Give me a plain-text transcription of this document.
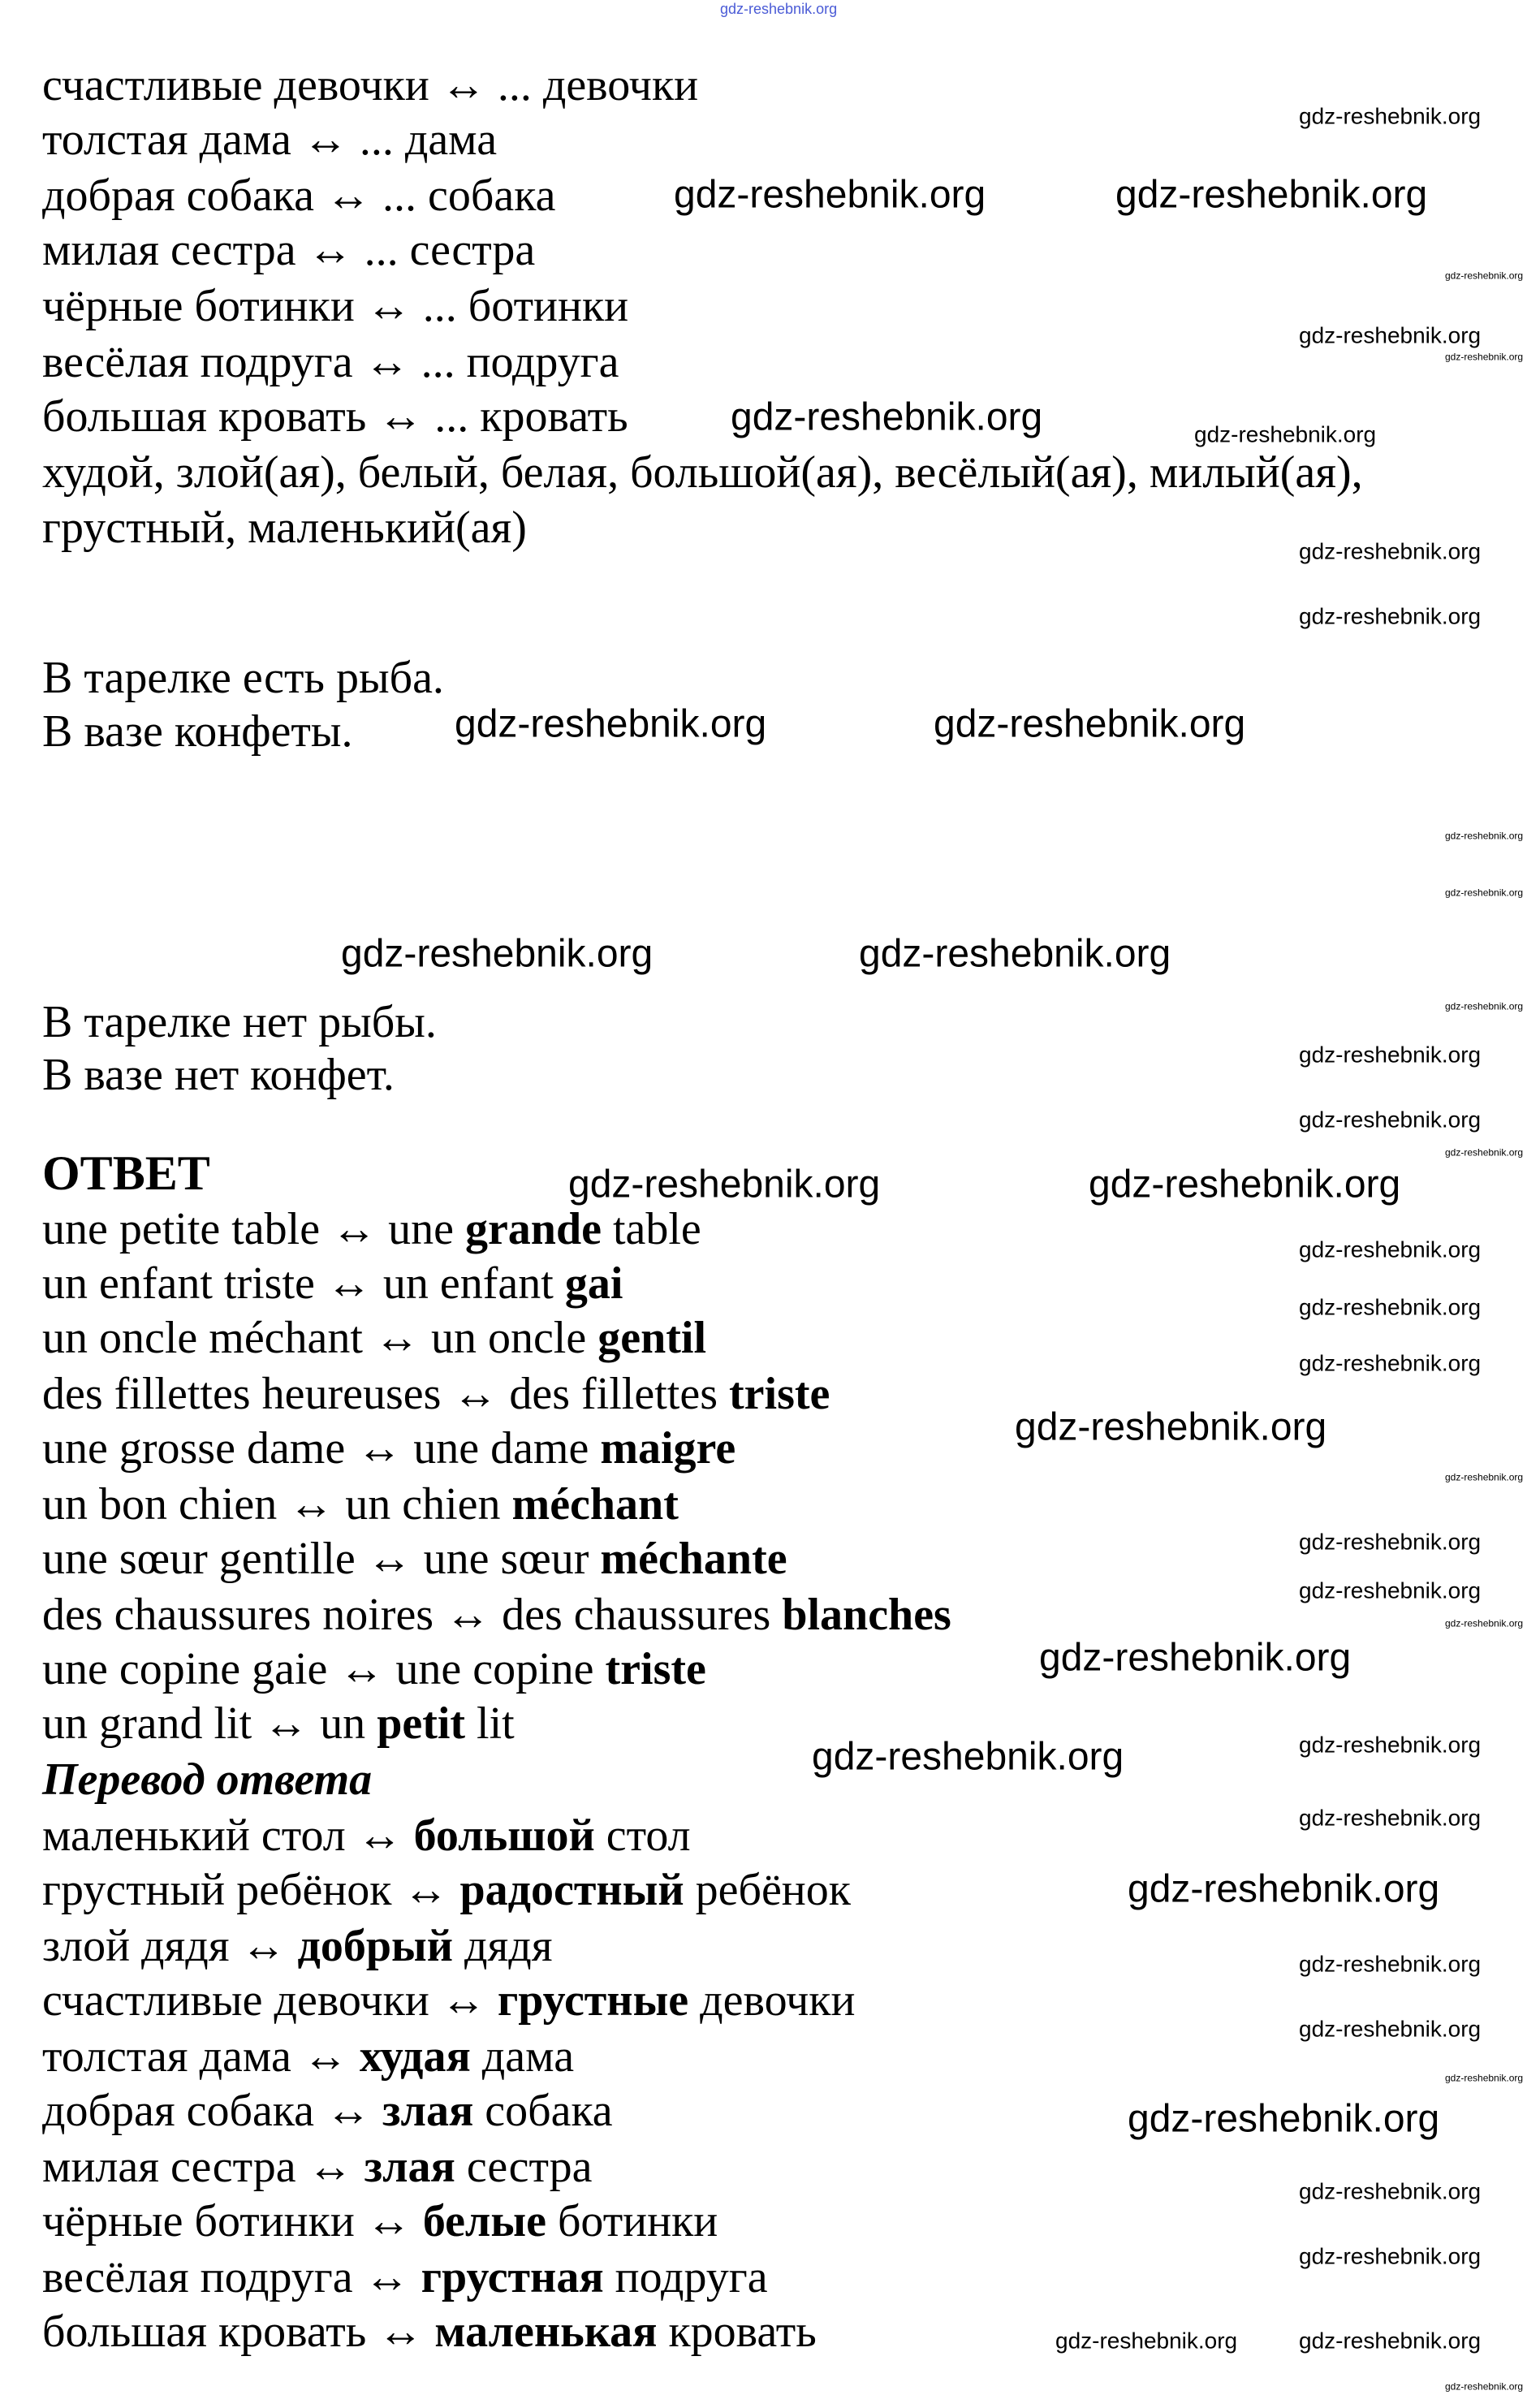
счастливые девочки ↔ ... девочки
толстая дама ↔ ... дама
добрая собака ↔ ... собака
милая сестра ↔ ... сестра
чёрные ботинки ↔ ... ботинки
весёлая подруга ↔ ... подруга
большая кровать ↔ ... кровать
худой, злой(ая), белый, белая, большой(ая), весёлый(ая), милый(ая),
грустный, маленький(ая)
В тарелке есть рыба.
В вазе конфеты.
В тарелке нет рыбы.
В вазе нет конфет.
ОТВЕТ
une petite table ↔ une grande table
un enfant triste ↔ un enfant gai
un oncle méchant ↔ un oncle gentil
des fillettes heureuses ↔ des fillettes triste
une grosse dame ↔ une dame maigre
un bon chien ↔ un chien méchant
une sœur gentille ↔ une sœur méchante
des chaussures noires ↔ des chaussures blanches
une copine gaie ↔ une copine triste
un grand lit ↔ un petit lit
Перевод ответа
маленький стол ↔ большой стол
грустный ребёнок ↔ радостный ребёнок
злой дядя ↔ добрый дядя
счастливые девочки ↔ грустные девочки
толстая дама ↔ худая дама
добрая собака ↔ злая собака
милая сестра ↔ злая сестра
чёрные ботинки ↔ белые ботинки
весёлая подруга ↔ грустная подруга
большая кровать ↔ маленькая кровать
gdz-reshebnik.org
gdz-reshebnik.org	gdz-reshebnik.org
gdz-reshebnik.org
gdz-reshebnik.org	gdz-reshebnik.org
gdz-reshebnik.org	gdz-reshebnik.org
gdz-reshebnik.org	gdz-reshebnik.org
gdz-reshebnik.org
gdz-reshebnik.org
gdz-reshebnik.org
gdz-reshebnik.org
gdz-reshebnik.org
gdz-reshebnik.org
gdz-reshebnik.org
gdz-reshebnik.org
gdz-reshebnik.org
gdz-reshebnik.org
gdz-reshebnik.org
gdz-reshebnik.org
gdz-reshebnik.org
gdz-reshebnik.org
gdz-reshebnik.org
gdz-reshebnik.org
gdz-reshebnik.org
gdz-reshebnik.org
gdz-reshebnik.org
gdz-reshebnik.org
gdz-reshebnik.org
gdz-reshebnik.org
gdz-reshebnik.org
gdz-reshebnik.org	gdz-reshebnik.org
gdz-reshebnik.org
gdz-reshebnik.org
gdz-reshebnik.org
gdz-reshebnik.org
gdz-reshebnik.org
gdz-reshebnik.org
gdz-reshebnik.org
gdz-reshebnik.org
gdz-reshebnik.org
gdz-reshebnik.org
